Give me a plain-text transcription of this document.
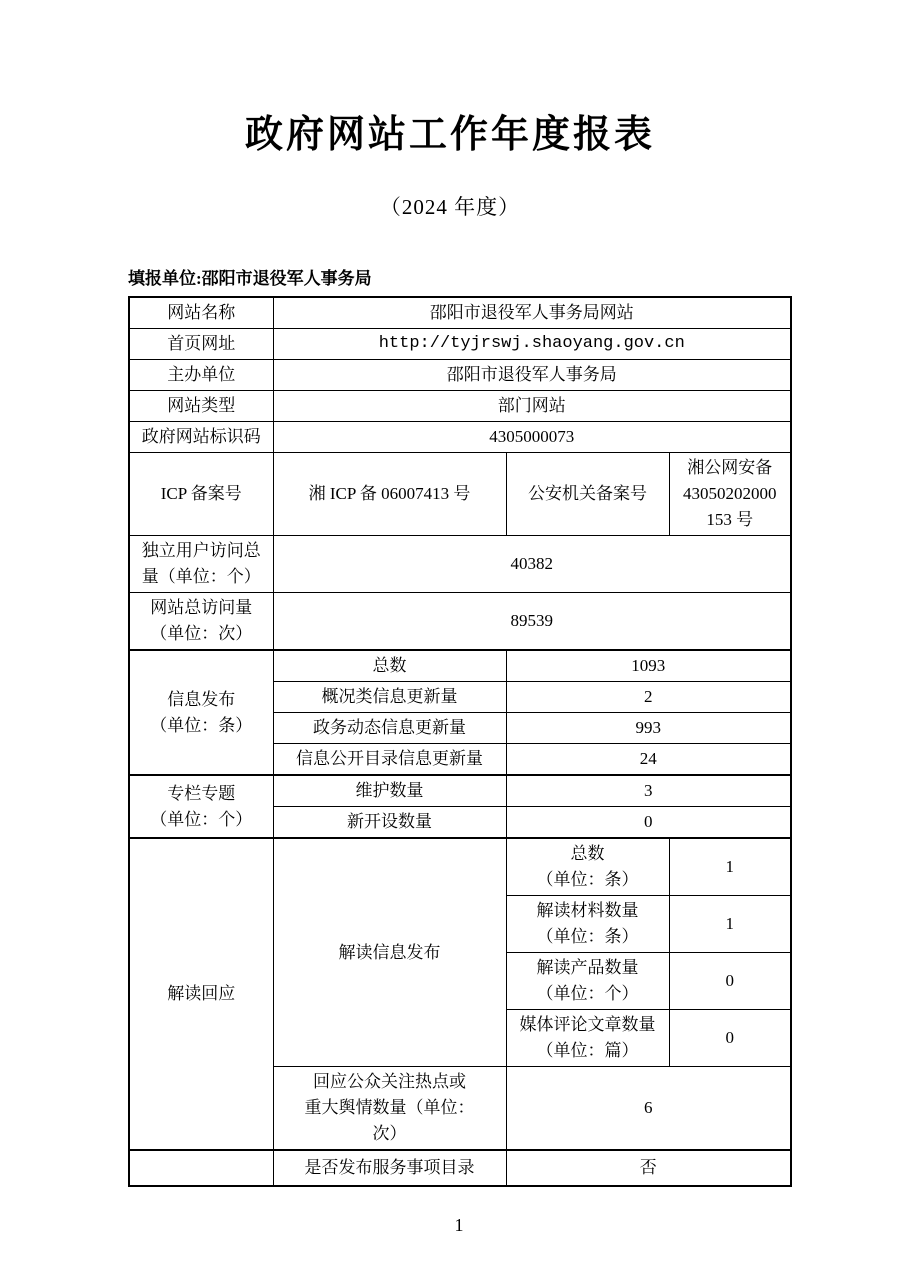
政府网站工作年度报表
（2024 年度）
填报单位:邵阳市退役军人事务局
网站名称	邵阳市退役军人事务局网站		
首页网址	http://tyjrswj.shaoyang.gov.cn		
主办单位	邵阳市退役军人事务局		
网站类型	部门网站		
政府网站标识码	4305000073		
ICP 备案号	湘 ICP 备 06007413 号	公安机关备案号	湘公网安备
43050202000
153 号

独立用户访问总
量（单位：个）	40382		

网站总访问量
（单位：次）	89539		

信息发布
（单位：条）	总数	1093	
	概况类信息更新量	2	
	政务动态信息更新量	993	
	信息公开目录信息更新量	24	

专栏专题
（单位：个）	维护数量	3	
	新开设数量	0	
解读回应	解读信息发布	总数
（单位：条）	1

		解读材料数量
（单位：条）	1

		解读产品数量
（单位：个）	0

		媒体评论文章数量
（单位：篇）	0

	回应公众关注热点或
重大舆情数量（单位：
次）	6	
	是否发布服务事项目录	否	
1
